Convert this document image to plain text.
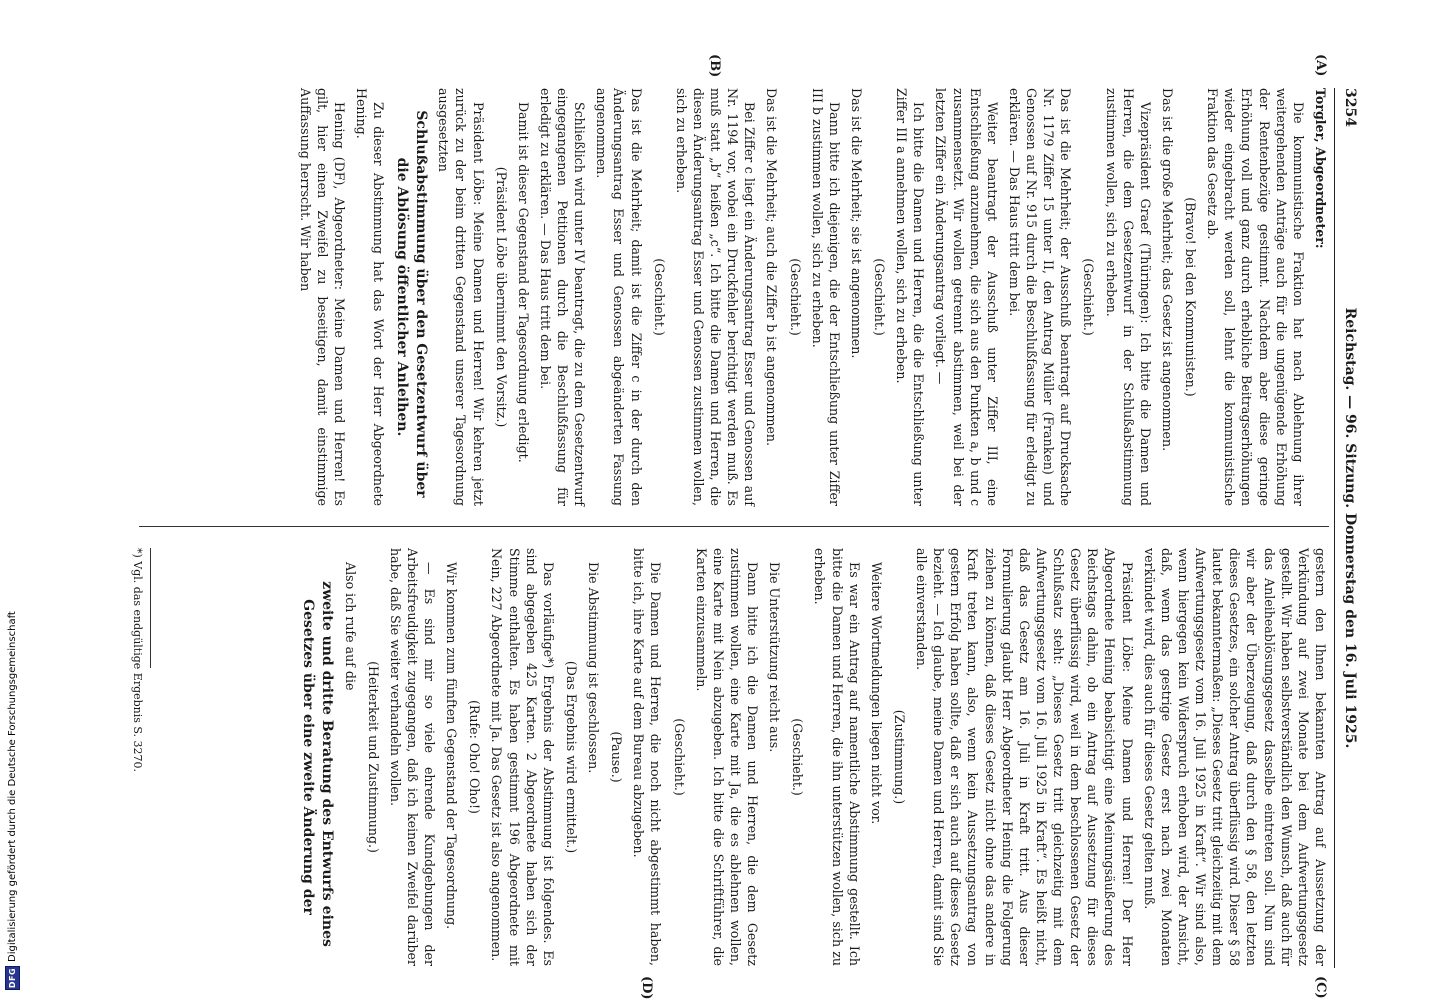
3254
Reichstag. — 96. Sitzung. Donnerstag den 16. Juli 1925.

Torgler, Abgeordneter:

Die kommunistische Fraktion hat nach Ablehnung ihrer weitergehenden Anträge auch für die ungenügende Erhöhung der Rentenbezüge gestimmt. Nachdem aber diese geringe Erhöhung voll und ganz durch erhebliche Beitragserhöhungen wieder eingebracht werden soll, lehnt die kommunistische Fraktion das Gesetz ab.

(Bravo! bei den Kommunisten.)

Das ist die große Mehrheit; das Gesetz ist angenommen.

Vizepräsident Graef (Thüringen): Ich bitte die Damen und Herren, die dem Gesetzentwurf in der Schlußabstimmung zustimmen wollen, sich zu erheben.

(Geschieht.)

Das ist die Mehrheit; der Ausschuß beantragt auf Drucksache Nr. 1179 Ziffer 15 unter II, den Antrag Müller (Franken) und Genossen auf Nr. 915 durch die Beschlußfassung für erledigt zu erklären. — Das Haus tritt dem bei.

Weiter beantragt der Ausschuß unter Ziffer III, eine Entschließung anzunehmen, die sich aus den Punkten a, b und c zusammensetzt. Wir wollen getrennt abstimmen, weil bei der letzten Ziffer ein Änderungsantrag vorliegt. —

Ich bitte die Damen und Herren, die die Entschließung unter Ziffer III a annehmen wollen, sich zu erheben.

(Geschieht.)

Das ist die Mehrheit; sie ist angenommen.

Dann bitte ich diejenigen, die der Entschließung unter Ziffer III b zustimmen wollen, sich zu erheben.

(Geschieht.)

Das ist die Mehrheit; auch die Ziffer b ist angenommen.

Bei Ziffer c liegt ein Änderungsantrag Esser und Genossen auf Nr. 1194 vor, wobei ein Druckfehler berichtigt werden muß. Es muß statt „b“ heißen „c“. Ich bitte die Damen und Herren, die diesen Änderungsantrag Esser und Genossen zustimmen wollen, sich zu erheben.

(Geschieht.)

Das ist die Mehrheit; damit ist die Ziffer c in der durch den Änderungsantrag Esser und Genossen abgeänderten Fassung angenommen.

Schließlich wird unter IV beantragt, die zu dem Gesetzentwurf eingegangenen Petitionen durch die Beschlußfassung für erledigt zu erklären. — Das Haus tritt dem bei.

Damit ist dieser Gegenstand der Tagesordnung erledigt.

(Präsident Löbe übernimmt den Vorsitz.)

Präsident Löbe: Meine Damen und Herren! Wir kehren jetzt zurück zu der beim dritten Gegenstand unserer Tagesordnung ausgesetzten

Schlußabstimmung über den Gesetzentwurf über die Ablösung öffentlicher Anleihen.

Zu dieser Abstimmung hat das Wort der Herr Abgeordnete Hening.

Hening (DF), Abgeordneter: Meine Damen und Herren! Es gilt, hier einen Zweifel zu beseitigen, damit einstimmige Auffassung herrscht. Wir haben

gestern den Ihnen bekannten Antrag auf Aussetzung der Verkündung auf zwei Monate bei dem Aufwertungsgesetz gestellt. Wir haben selbstverständlich den Wunsch, daß auch für das Anleiheablösungsgesetz dasselbe eintreten soll. Nun sind wir aber der Überzeugung, daß durch den § 58, den letzten dieses Gesetzes, ein solcher Antrag überflüssig wird. Dieser § 58 lautet bekanntermaßen: „Dieses Gesetz tritt gleichzeitig mit dem Aufwertungsgesetz vom 16. Juli 1925 in Kraft“. Wir sind also, wenn hiergegen kein Widerspruch erhoben wird, der Ansicht, daß, wenn das gestrige Gesetz erst nach zwei Monaten verkündet wird, dies auch für dieses Gesetz gelten muß.

Präsident Löbe: Meine Damen und Herren! Der Herr Abgeordnete Hening beabsichtigt eine Meinungsäußerung des Reichstags dahin, ob ein Antrag auf Aussetzung für dieses Gesetz überflüssig wird, weil in dem beschlossenen Gesetz der Schlußsatz steht: „Dieses Gesetz tritt gleichzeitig mit dem Aufwertungsgesetz vom 16. Juli 1925 in Kraft“. Es heißt nicht, daß das Gesetz am 16. Juli in Kraft tritt. Aus dieser Formulierung glaubt Herr Abgeordneter Hening die Folgerung ziehen zu können, daß dieses Gesetz nicht ohne das andere in Kraft treten kann, also, wenn kein Aussetzungsantrag von gestern Erfolg haben sollte, daß er sich auch auf dieses Gesetz bezieht. — Ich glaube, meine Damen und Herren, damit sind Sie alle einverstanden.

(Zustimmung.)

Weitere Wortmeldungen liegen nicht vor.

Es war ein Antrag auf namentliche Abstimmung gestellt. Ich bitte die Damen und Herren, die ihn unterstützen wollen, sich zu erheben.

(Geschieht.)

Die Unterstützung reicht aus.

Dann bitte ich die Damen und Herren, die dem Gesetz zustimmen wollen, eine Karte mit Ja, die es ablehnen wollen, eine Karte mit Nein abzugeben. Ich bitte die Schriftführer, die Karten einzusammeln.

(Geschieht.)

Die Damen und Herren, die noch nicht abgestimmt haben, bitte ich, ihre Karte auf dem Bureau abzugeben.

(Pause.)

Die Abstimmung ist geschlossen.

(Das Ergebnis wird ermittelt.)

Das vorläufige*) Ergebnis der Abstimmung ist folgendes. Es sind abgegeben 425 Karten. 2 Abgeordnete haben sich der Stimme enthalten. Es haben gestimmt 196 Abgeordnete mit Nein, 227 Abgeordnete mit Ja. Das Gesetz ist also angenommen.

(Rufe: Oho! Oho!)

Wir kommen zum fünften Gegenstand der Tagesordnung.

— Es sind mir so viele ehrende Kundgebungen der Arbeitsfreudigkeit zugegangen, daß ich keinen Zweifel darüber habe, daß Sie weiter verhandeln wollen.

(Heiterkeit und Zustimmung.)

Also ich rufe auf die

zweite und dritte Beratung des Entwurfs eines Gesetzes über eine zweite Änderung der

(A)
(B)
(C)
(D)
*) Vgl. das endgültige Ergebnis S. 3270.
DFG
Digitalisierung gefördert durch die Deutsche Forschungsgemeinschaft
